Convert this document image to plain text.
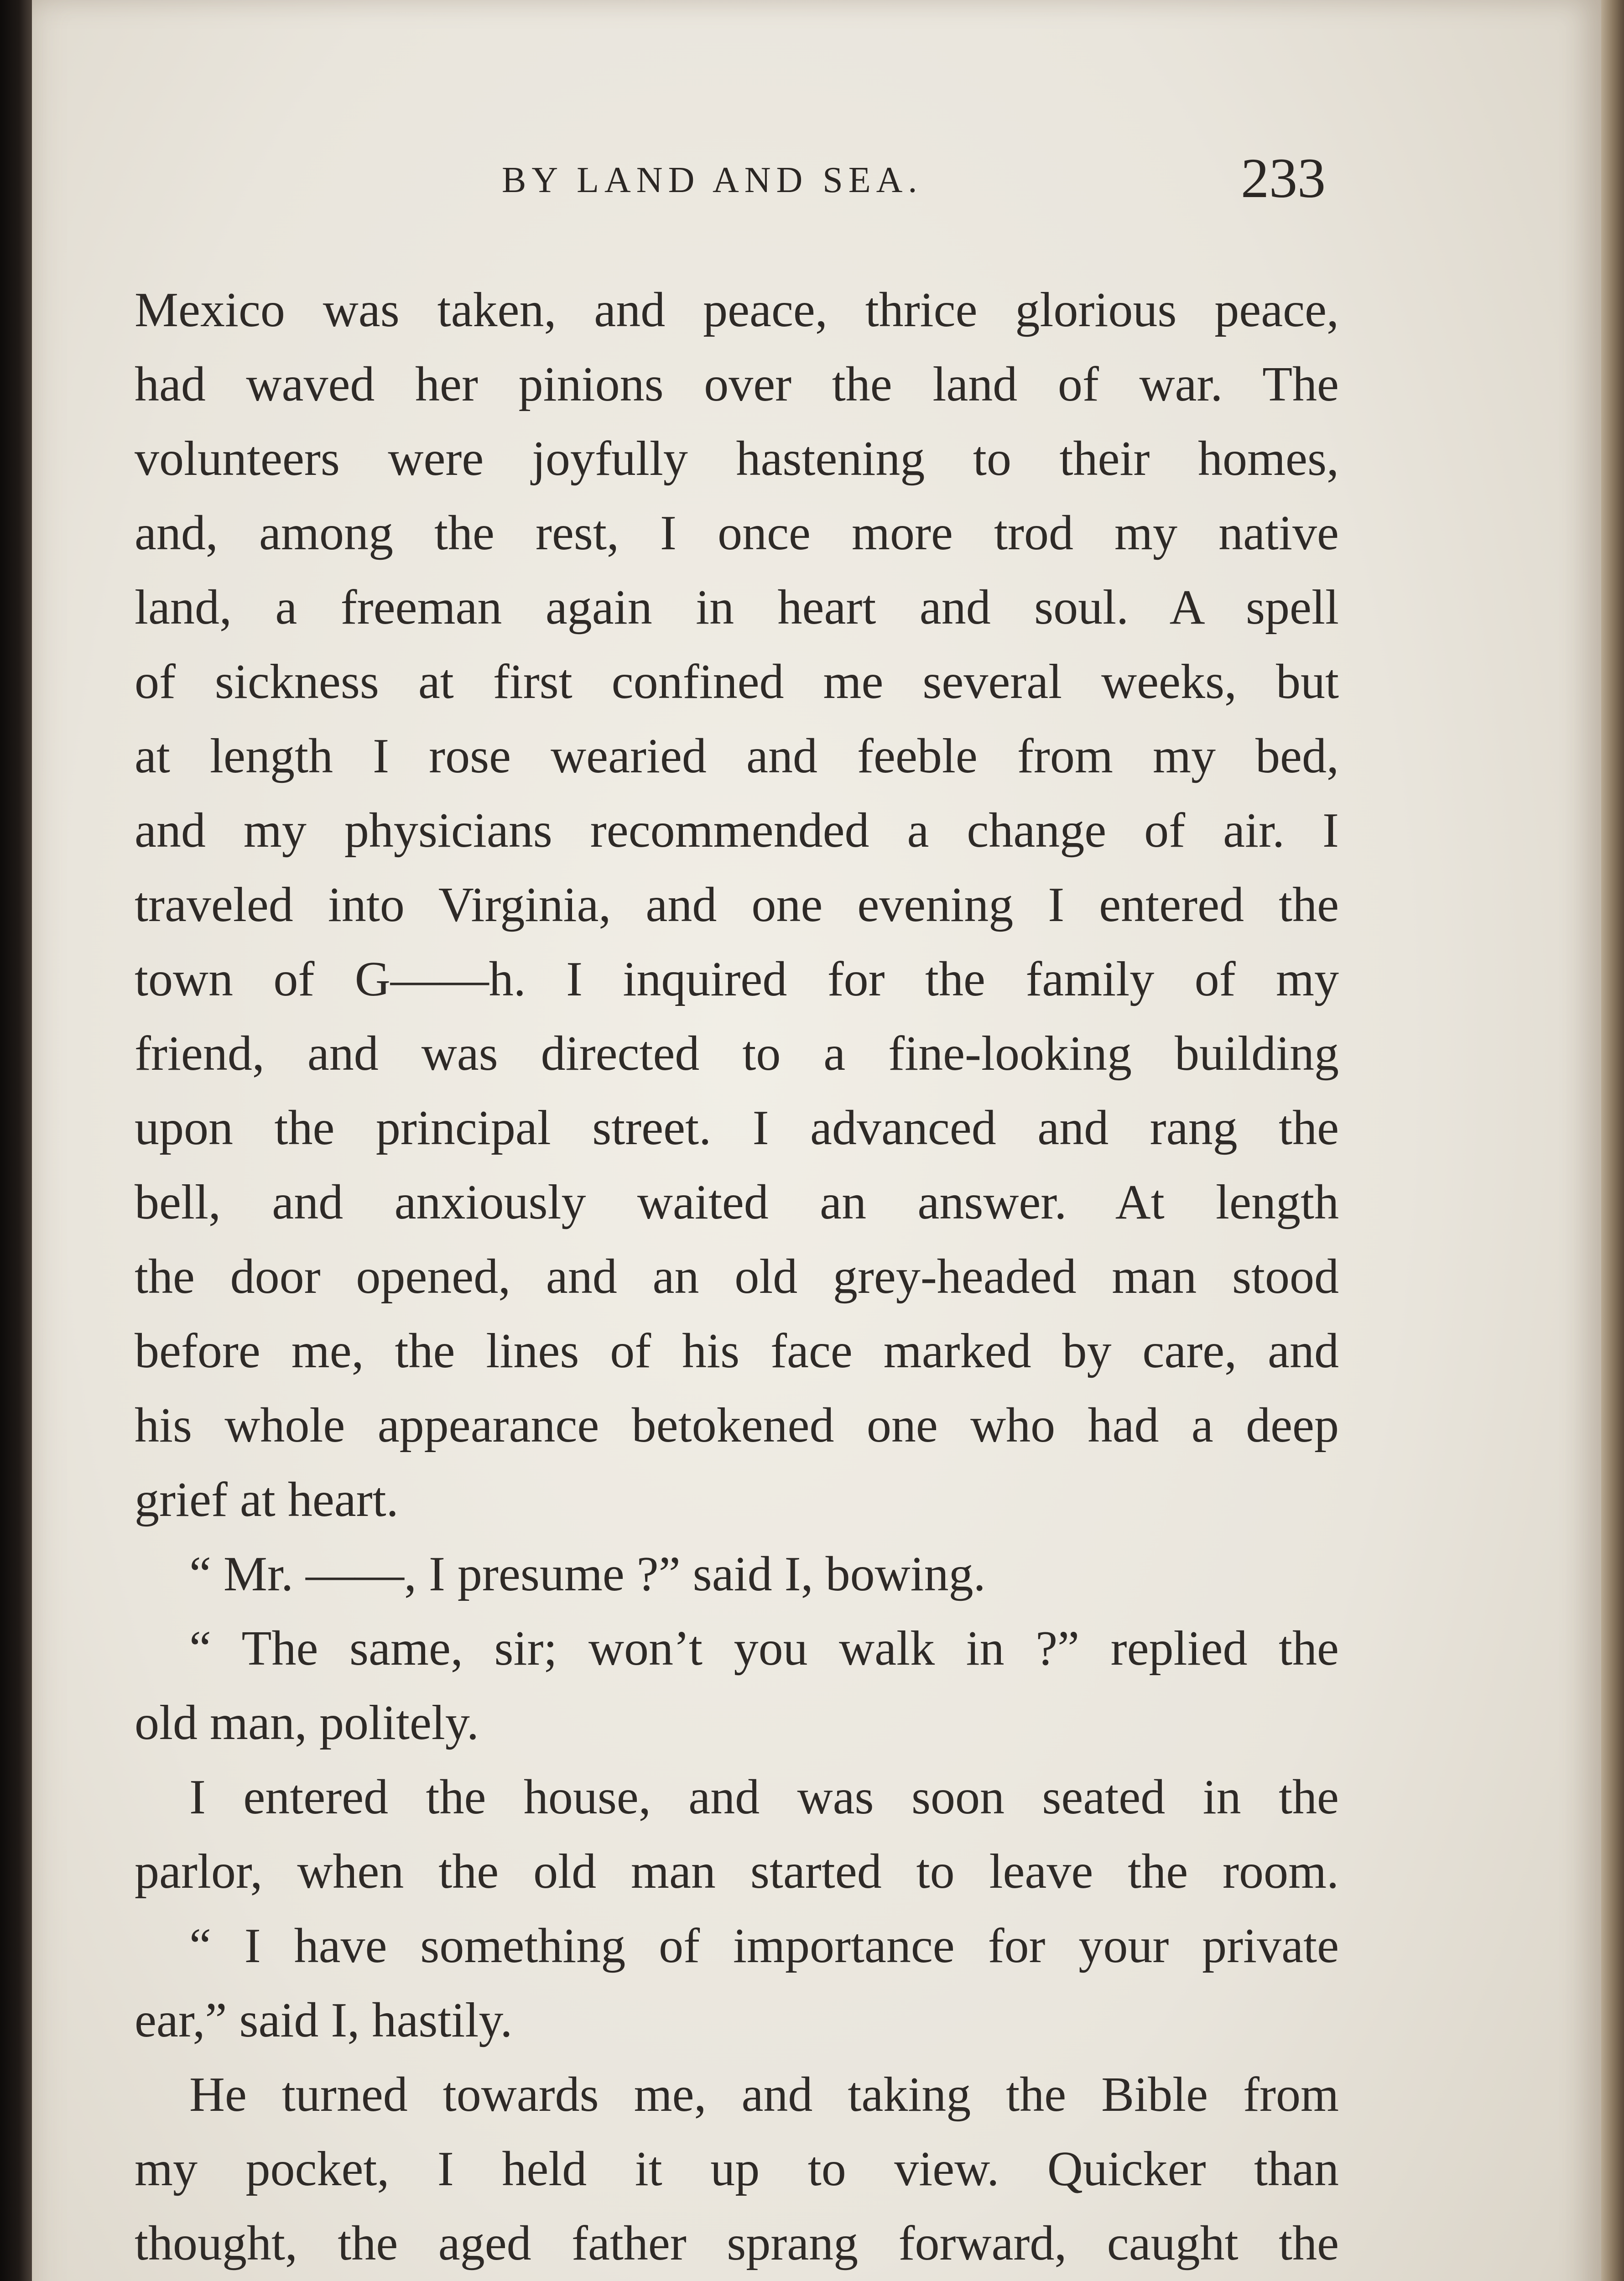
BY LAND AND SEA.	233
Mexico was taken, and peace, thrice glorious peace,
had waved her pinions over the land of war. The
volunteers were joyfully hastening to their homes,
and, among the rest, I once more trod my native
land, a freeman again in heart and soul. A spell
of sickness at first confined me several weeks, but
at length I rose wearied and feeble from my bed,
and my physicians recommended a change of air. I
traveled into Virginia, and one evening I entered the
town of G——h. I inquired for the family of my
friend, and was directed to a fine-looking building
upon the principal street. I advanced and rang the
bell, and anxiously waited an answer. At length
the door opened, and an old grey-headed man stood
before me, the lines of his face marked by care, and
his whole appearance betokened one who had a deep
grief at heart.
“ Mr. ——, I presume ?” said I, bowing.
“ The same, sir; won’t you walk in ?” replied the
old man, politely.
I entered the house, and was soon seated in the
parlor, when the old man started to leave the room.
“ I have something of importance for your private
ear,” said I, hastily.
He turned towards me, and taking the Bible from
my pocket, I held it up to view. Quicker than
thought, the aged father sprang forward, caught the
